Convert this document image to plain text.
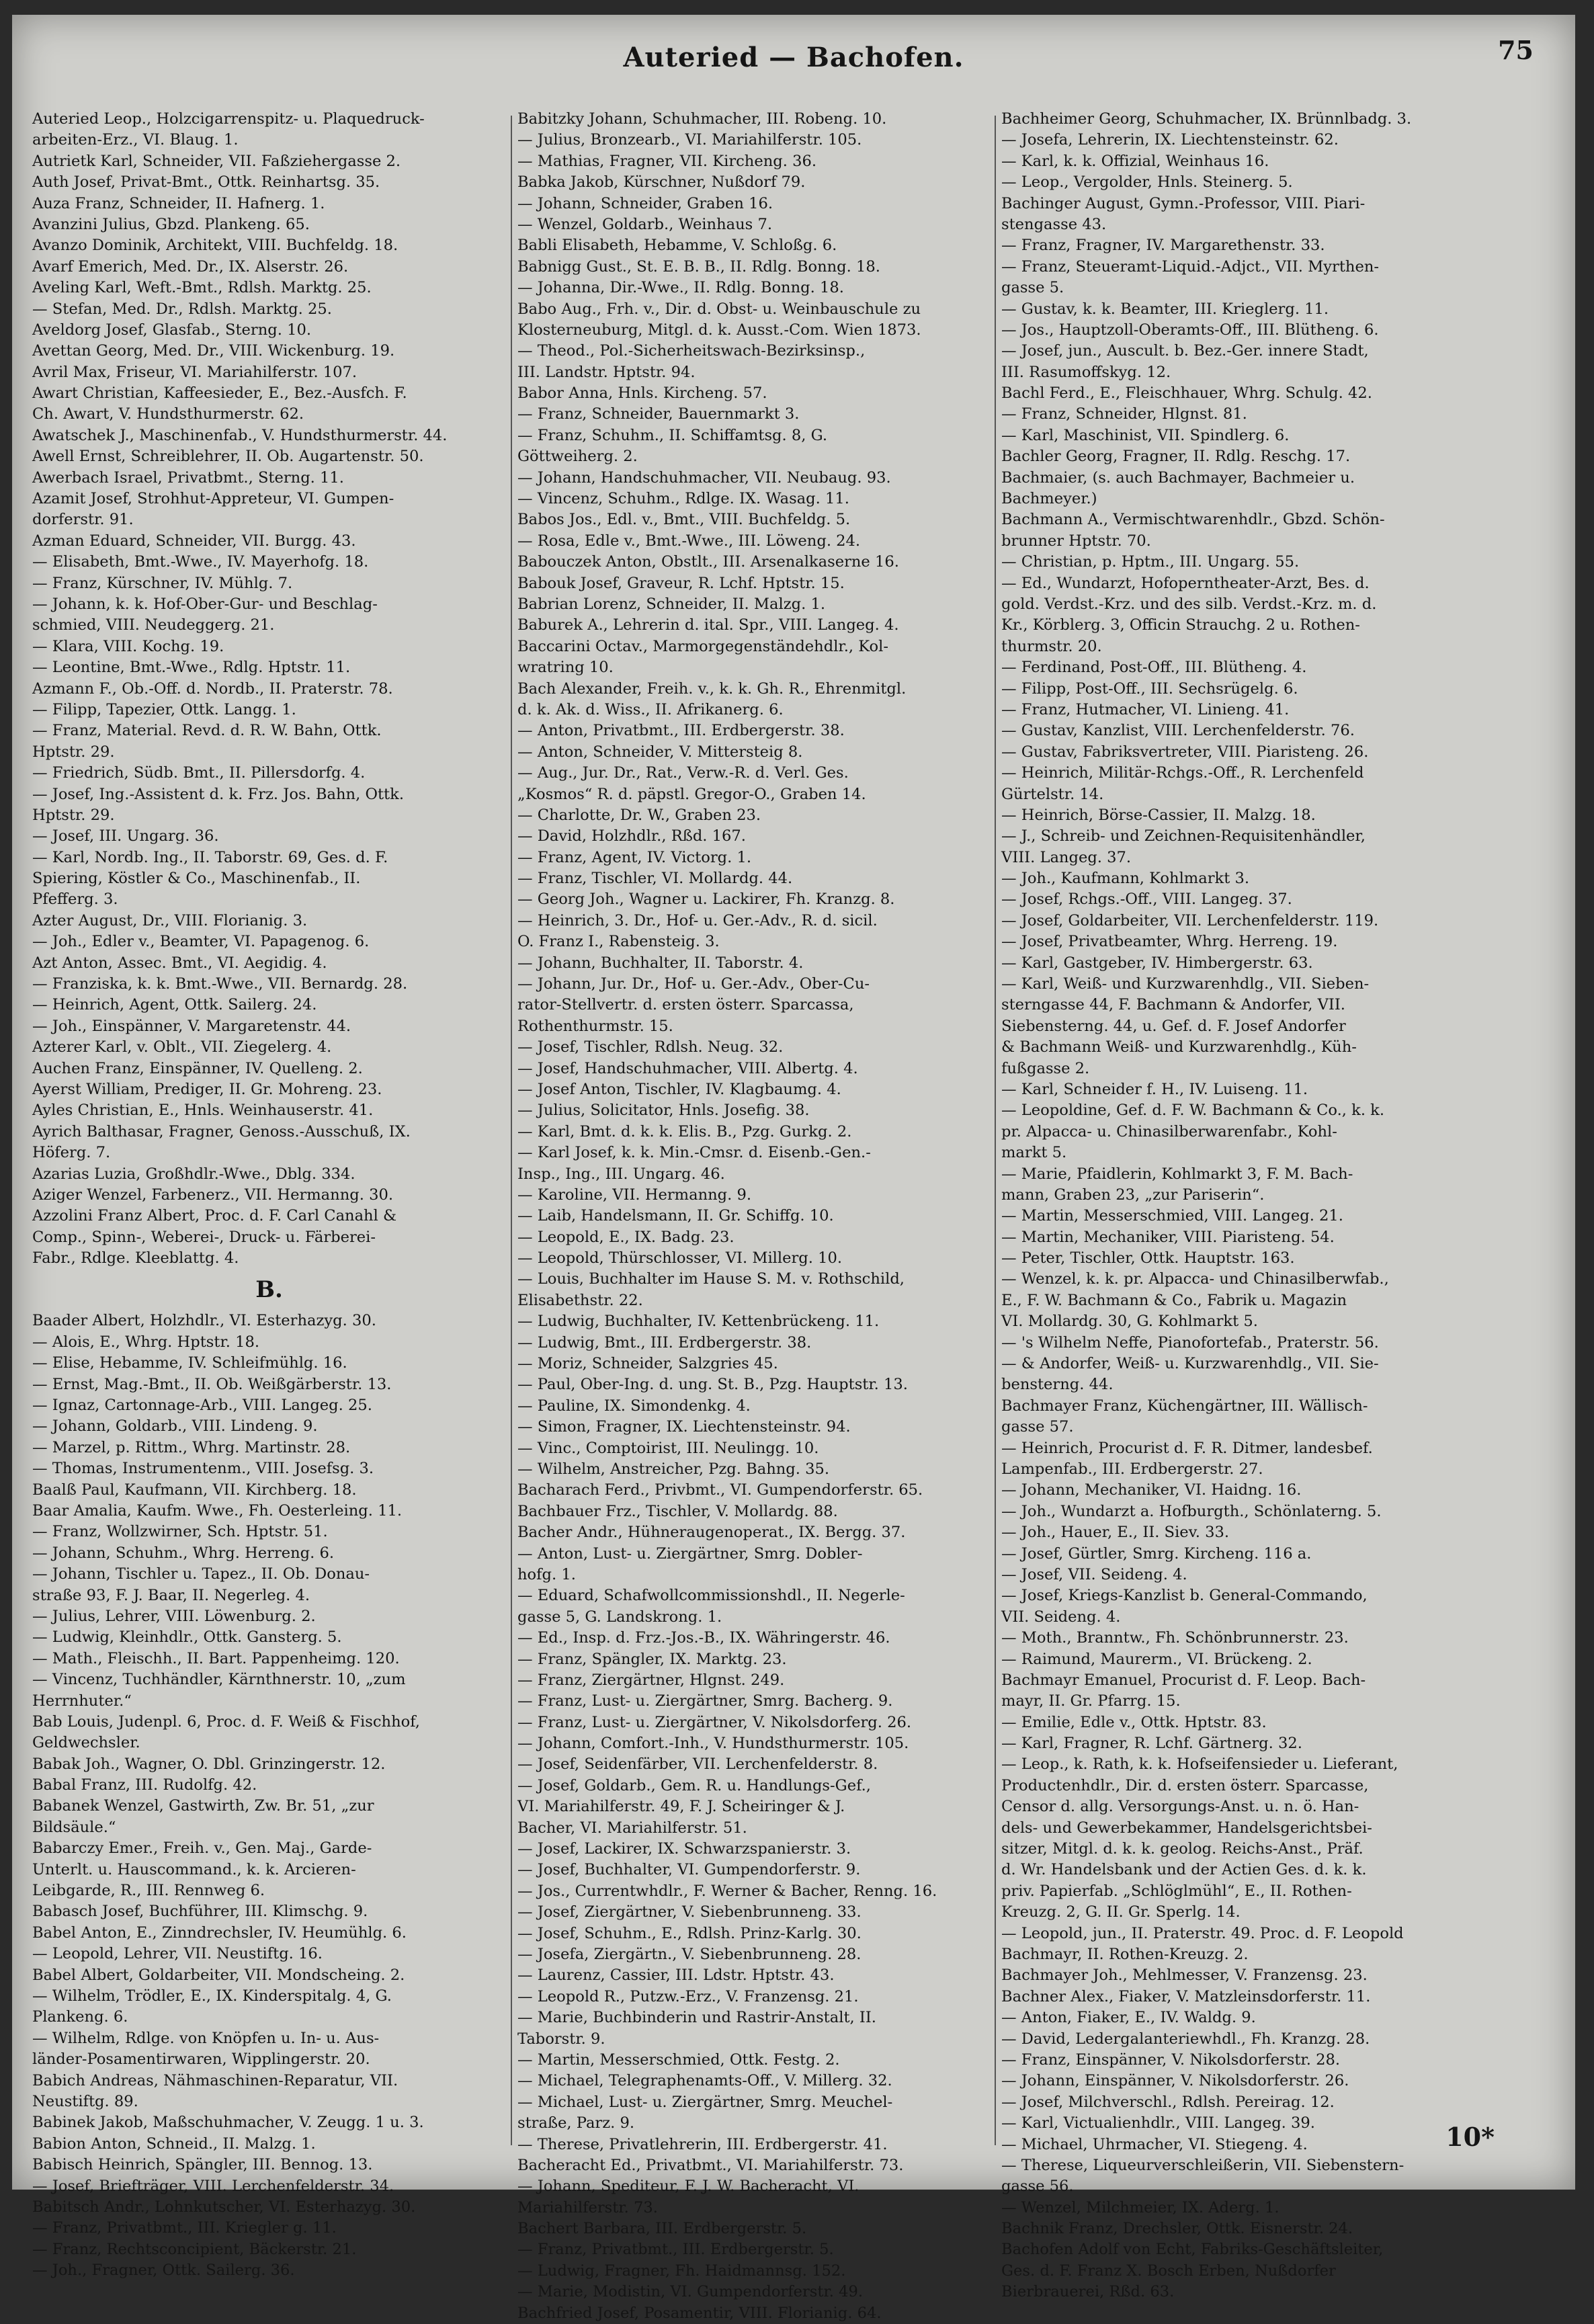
Auteried — Bachofen.	75
Auteried Leop., Holzcigarrenspitz- u. Plaquedruck-
arbeiten-Erz., VI. Blaug. 1.
Autrietk Karl, Schneider, VII. Faßziehergasse 2.
Auth Josef, Privat-Bmt., Ottk. Reinhartsg. 35.
Auza Franz, Schneider, II. Hafnerg. 1.
Avanzini Julius, Gbzd. Plankeng. 65.
Avanzo Dominik, Architekt, VIII. Buchfeldg. 18.
Avarf Emerich, Med. Dr., IX. Alserstr. 26.
Aveling Karl, Weft.-Bmt., Rdlsh. Marktg. 25.
— Stefan, Med. Dr., Rdlsh. Marktg. 25.
Aveldorg Josef, Glasfab., Sterng. 10.
Avettan Georg, Med. Dr., VIII. Wickenburg. 19.
Avril Max, Friseur, VI. Mariahilferstr. 107.
Awart Christian, Kaffeesieder, E., Bez.-Ausfch. F.
Ch. Awart, V. Hundsthurmerstr. 62.
Awatschek J., Maschinenfab., V. Hundsthurmerstr. 44.
Awell Ernst, Schreiblehrer, II. Ob. Augartenstr. 50.
Awerbach Israel, Privatbmt., Sterng. 11.
Azamit Josef, Strohhut-Appreteur, VI. Gumpen-
dorferstr. 91.
Azman Eduard, Schneider, VII. Burgg. 43.
— Elisabeth, Bmt.-Wwe., IV. Mayerhofg. 18.
— Franz, Kürschner, IV. Mühlg. 7.
— Johann, k. k. Hof-Ober-Gur- und Beschlag-
schmied, VIII. Neudeggerg. 21.
— Klara, VIII. Kochg. 19.
— Leontine, Bmt.-Wwe., Rdlg. Hptstr. 11.
Azmann F., Ob.-Off. d. Nordb., II. Praterstr. 78.
— Filipp, Tapezier, Ottk. Langg. 1.
— Franz, Material. Revd. d. R. W. Bahn, Ottk.
Hptstr. 29.
— Friedrich, Südb. Bmt., II. Pillersdorfg. 4.
— Josef, Ing.-Assistent d. k. Frz. Jos. Bahn, Ottk.
Hptstr. 29.
— Josef, III. Ungarg. 36.
— Karl, Nordb. Ing., II. Taborstr. 69, Ges. d. F.
Spiering, Köstler & Co., Maschinenfab., II.
Pfefferg. 3.
Azter August, Dr., VIII. Florianig. 3.
— Joh., Edler v., Beamter, VI. Papagenog. 6.
Azt Anton, Assec. Bmt., VI. Aegidig. 4.
— Franziska, k. k. Bmt.-Wwe., VII. Bernardg. 28.
— Heinrich, Agent, Ottk. Sailerg. 24.
— Joh., Einspänner, V. Margaretenstr. 44.
Azterer Karl, v. Oblt., VII. Ziegelerg. 4.
Auchen Franz, Einspänner, IV. Quelleng. 2.
Ayerst William, Prediger, II. Gr. Mohreng. 23.
Ayles Christian, E., Hnls. Weinhauserstr. 41.
Ayrich Balthasar, Fragner, Genoss.-Ausschuß, IX.
Höferg. 7.
Azarias Luzia, Großhdlr.-Wwe., Dblg. 334.
Aziger Wenzel, Farbenerz., VII. Hermanng. 30.
Azzolini Franz Albert, Proc. d. F. Carl Canahl &
Comp., Spinn-, Weberei-, Druck- u. Färberei-
Fabr., Rdlge. Kleeblattg. 4.
B.
Baader Albert, Holzhdlr., VI. Esterhazyg. 30.
— Alois, E., Whrg. Hptstr. 18.
— Elise, Hebamme, IV. Schleifmühlg. 16.
— Ernst, Mag.-Bmt., II. Ob. Weißgärberstr. 13.
— Ignaz, Cartonnage-Arb., VIII. Langeg. 25.
— Johann, Goldarb., VIII. Lindeng. 9.
— Marzel, p. Rittm., Whrg. Martinstr. 28.
— Thomas, Instrumentenm., VIII. Josefsg. 3.
Baalß Paul, Kaufmann, VII. Kirchberg. 18.
Baar Amalia, Kaufm. Wwe., Fh. Oesterleing. 11.
— Franz, Wollzwirner, Sch. Hptstr. 51.
— Johann, Schuhm., Whrg. Herreng. 6.
— Johann, Tischler u. Tapez., II. Ob. Donau-
straße 93, F. J. Baar, II. Negerleg. 4.
— Julius, Lehrer, VIII. Löwenburg. 2.
— Ludwig, Kleinhdlr., Ottk. Gansterg. 5.
— Math., Fleischh., II. Bart. Pappenheimg. 120.
— Vincenz, Tuchhändler, Kärnthnerstr. 10, „zum
Herrnhuter.“
Bab Louis, Judenpl. 6, Proc. d. F. Weiß & Fischhof,
Geldwechsler.
Babak Joh., Wagner, O. Dbl. Grinzingerstr. 12.
Babal Franz, III. Rudolfg. 42.
Babanek Wenzel, Gastwirth, Zw. Br. 51, „zur
Bildsäule.“
Babarczy Emer., Freih. v., Gen. Maj., Garde-
Unterlt. u. Hauscommand., k. k. Arcieren-
Leibgarde, R., III. Rennweg 6.
Babasch Josef, Buchführer, III. Klimschg. 9.
Babel Anton, E., Zinndrechsler, IV. Heumühlg. 6.
— Leopold, Lehrer, VII. Neustiftg. 16.
Babel Albert, Goldarbeiter, VII. Mondscheing. 2.
— Wilhelm, Trödler, E., IX. Kinderspitalg. 4, G.
Plankeng. 6.
— Wilhelm, Rdlge. von Knöpfen u. In- u. Aus-
länder-Posamentirwaren, Wipplingerstr. 20.
Babich Andreas, Nähmaschinen-Reparatur, VII.
Neustiftg. 89.
Babinek Jakob, Maßschuhmacher, V. Zeugg. 1 u. 3.
Babion Anton, Schneid., II. Malzg. 1.
Babisch Heinrich, Spängler, III. Bennog. 13.
— Josef, Briefträger, VIII. Lerchenfelderstr. 34.
Babitsch Andr., Lohnkutscher, VI. Esterhazyg. 30.
— Franz, Privatbmt., III. Kriegler g. 11.
— Franz, Rechtsconcipient, Bäckerstr. 21.
— Joh., Fragner, Ottk. Sailerg. 36.
Babitzky Johann, Schuhmacher, III. Robeng. 10.
— Julius, Bronzearb., VI. Mariahilferstr. 105.
— Mathias, Fragner, VII. Kircheng. 36.
Babka Jakob, Kürschner, Nußdorf 79.
— Johann, Schneider, Graben 16.
— Wenzel, Goldarb., Weinhaus 7.
Babli Elisabeth, Hebamme, V. Schloßg. 6.
Babnigg Gust., St. E. B. B., II. Rdlg. Bonng. 18.
— Johanna, Dir.-Wwe., II. Rdlg. Bonng. 18.
Babo Aug., Frh. v., Dir. d. Obst- u. Weinbauschule zu
Klosterneuburg, Mitgl. d. k. Ausst.-Com. Wien 1873.
— Theod., Pol.-Sicherheitswach-Bezirksinsp.,
III. Landstr. Hptstr. 94.
Babor Anna, Hnls. Kircheng. 57.
— Franz, Schneider, Bauernmarkt 3.
— Franz, Schuhm., II. Schiffamtsg. 8, G.
Göttweiherg. 2.
— Johann, Handschuhmacher, VII. Neubaug. 93.
— Vincenz, Schuhm., Rdlge. IX. Wasag. 11.
Babos Jos., Edl. v., Bmt., VIII. Buchfeldg. 5.
— Rosa, Edle v., Bmt.-Wwe., III. Löweng. 24.
Babouczek Anton, Obstlt., III. Arsenalkaserne 16.
Babouk Josef, Graveur, R. Lchf. Hptstr. 15.
Babrian Lorenz, Schneider, II. Malzg. 1.
Baburek A., Lehrerin d. ital. Spr., VIII. Langeg. 4.
Baccarini Octav., Marmorgegenständehdlr., Kol-
wratring 10.
Bach Alexander, Freih. v., k. k. Gh. R., Ehrenmitgl.
d. k. Ak. d. Wiss., II. Afrikanerg. 6.
— Anton, Privatbmt., III. Erdbergerstr. 38.
— Anton, Schneider, V. Mittersteig 8.
— Aug., Jur. Dr., Rat., Verw.-R. d. Verl. Ges.
„Kosmos“ R. d. päpstl. Gregor-O., Graben 14.
— Charlotte, Dr. W., Graben 23.
— David, Holzhdlr., Rßd. 167.
— Franz, Agent, IV. Victorg. 1.
— Franz, Tischler, VI. Mollardg. 44.
— Georg Joh., Wagner u. Lackirer, Fh. Kranzg. 8.
— Heinrich, 3. Dr., Hof- u. Ger.-Adv., R. d. sicil.
O. Franz I., Rabensteig. 3.
— Johann, Buchhalter, II. Taborstr. 4.
— Johann, Jur. Dr., Hof- u. Ger.-Adv., Ober-Cu-
rator-Stellvertr. d. ersten österr. Sparcassa,
Rothenthurmstr. 15.
— Josef, Tischler, Rdlsh. Neug. 32.
— Josef, Handschuhmacher, VIII. Albertg. 4.
— Josef Anton, Tischler, IV. Klagbaumg. 4.
— Julius, Solicitator, Hnls. Josefig. 38.
— Karl, Bmt. d. k. k. Elis. B., Pzg. Gurkg. 2.
— Karl Josef, k. k. Min.-Cmsr. d. Eisenb.-Gen.-
Insp., Ing., III. Ungarg. 46.
— Karoline, VII. Hermanng. 9.
— Laib, Handelsmann, II. Gr. Schiffg. 10.
— Leopold, E., IX. Badg. 23.
— Leopold, Thürschlosser, VI. Millerg. 10.
— Louis, Buchhalter im Hause S. M. v. Rothschild,
Elisabethstr. 22.
— Ludwig, Buchhalter, IV. Kettenbrückeng. 11.
— Ludwig, Bmt., III. Erdbergerstr. 38.
— Moriz, Schneider, Salzgries 45.
— Paul, Ober-Ing. d. ung. St. B., Pzg. Hauptstr. 13.
— Pauline, IX. Simondenkg. 4.
— Simon, Fragner, IX. Liechtensteinstr. 94.
— Vinc., Comptoirist, III. Neulingg. 10.
— Wilhelm, Anstreicher, Pzg. Bahng. 35.
Bacharach Ferd., Privbmt., VI. Gumpendorferstr. 65.
Bachbauer Frz., Tischler, V. Mollardg. 88.
Bacher Andr., Hühneraugenoperat., IX. Bergg. 37.
— Anton, Lust- u. Ziergärtner, Smrg. Dobler-
hofg. 1.
— Eduard, Schafwollcommissionshdl., II. Negerle-
gasse 5, G. Landskrong. 1.
— Ed., Insp. d. Frz.-Jos.-B., IX. Währingerstr. 46.
— Franz, Spängler, IX. Marktg. 23.
— Franz, Ziergärtner, Hlgnst. 249.
— Franz, Lust- u. Ziergärtner, Smrg. Bacherg. 9.
— Franz, Lust- u. Ziergärtner, V. Nikolsdorferg. 26.
— Johann, Comfort.-Inh., V. Hundsthurmerstr. 105.
— Josef, Seidenfärber, VII. Lerchenfelderstr. 8.
— Josef, Goldarb., Gem. R. u. Handlungs-Gef.,
VI. Mariahilferstr. 49, F. J. Scheiringer & J.
Bacher, VI. Mariahilferstr. 51.
— Josef, Lackirer, IX. Schwarzspanierstr. 3.
— Josef, Buchhalter, VI. Gumpendorferstr. 9.
— Jos., Currentwhdlr., F. Werner & Bacher, Renng. 16.
— Josef, Ziergärtner, V. Siebenbrunneng. 33.
— Josef, Schuhm., E., Rdlsh. Prinz-Karlg. 30.
— Josefa, Ziergärtn., V. Siebenbrunneng. 28.
— Laurenz, Cassier, III. Ldstr. Hptstr. 43.
— Leopold R., Putzw.-Erz., V. Franzensg. 21.
— Marie, Buchbinderin und Rastrir-Anstalt, II.
Taborstr. 9.
— Martin, Messerschmied, Ottk. Festg. 2.
— Michael, Telegraphenamts-Off., V. Millerg. 32.
— Michael, Lust- u. Ziergärtner, Smrg. Meuchel-
straße, Parz. 9.
— Therese, Privatlehrerin, III. Erdbergerstr. 41.
Bacheracht Ed., Privatbmt., VI. Mariahilferstr. 73.
— Johann, Spediteur, F. J. W. Bacheracht, VI.
Mariahilferstr. 73.
Bachert Barbara, III. Erdbergerstr. 5.
— Franz, Privatbmt., III. Erdbergerstr. 5.
— Ludwig, Fragner, Fh. Haidmannsg. 152.
— Marie, Modistin, VI. Gumpendorferstr. 49.
Bachfried Josef, Posamentir, VIII. Florianig. 64.
Bachheimer Georg, Schuhmacher, IX. Brünnlbadg. 3.
— Josefa, Lehrerin, IX. Liechtensteinstr. 62.
— Karl, k. k. Offizial, Weinhaus 16.
— Leop., Vergolder, Hnls. Steinerg. 5.
Bachinger August, Gymn.-Professor, VIII. Piari-
stengasse 43.
— Franz, Fragner, IV. Margarethenstr. 33.
— Franz, Steueramt-Liquid.-Adjct., VII. Myrthen-
gasse 5.
— Gustav, k. k. Beamter, III. Krieglerg. 11.
— Jos., Hauptzoll-Oberamts-Off., III. Blütheng. 6.
— Josef, jun., Auscult. b. Bez.-Ger. innere Stadt,
III. Rasumoffskyg. 12.
Bachl Ferd., E., Fleischhauer, Whrg. Schulg. 42.
— Franz, Schneider, Hlgnst. 81.
— Karl, Maschinist, VII. Spindlerg. 6.
Bachler Georg, Fragner, II. Rdlg. Reschg. 17.
Bachmaier, (s. auch Bachmayer, Bachmeier u.
Bachmeyer.)
Bachmann A., Vermischtwarenhdlr., Gbzd. Schön-
brunner Hptstr. 70.
— Christian, p. Hptm., III. Ungarg. 55.
— Ed., Wundarzt, Hofoperntheater-Arzt, Bes. d.
gold. Verdst.-Krz. und des silb. Verdst.-Krz. m. d.
Kr., Körblerg. 3, Officin Strauchg. 2 u. Rothen-
thurmstr. 20.
— Ferdinand, Post-Off., III. Blütheng. 4.
— Filipp, Post-Off., III. Sechsrügelg. 6.
— Franz, Hutmacher, VI. Linieng. 41.
— Gustav, Kanzlist, VIII. Lerchenfelderstr. 76.
— Gustav, Fabriksvertreter, VIII. Piaristeng. 26.
— Heinrich, Militär-Rchgs.-Off., R. Lerchenfeld
Gürtelstr. 14.
— Heinrich, Börse-Cassier, II. Malzg. 18.
— J., Schreib- und Zeichnen-Requisitenhändler,
VIII. Langeg. 37.
— Joh., Kaufmann, Kohlmarkt 3.
— Josef, Rchgs.-Off., VIII. Langeg. 37.
— Josef, Goldarbeiter, VII. Lerchenfelderstr. 119.
— Josef, Privatbeamter, Whrg. Herreng. 19.
— Karl, Gastgeber, IV. Himbergerstr. 63.
— Karl, Weiß- und Kurzwarenhdlg., VII. Sieben-
sterngasse 44, F. Bachmann & Andorfer, VII.
Siebensterng. 44, u. Gef. d. F. Josef Andorfer
& Bachmann Weiß- und Kurzwarenhdlg., Küh-
fußgasse 2.
— Karl, Schneider f. H., IV. Luiseng. 11.
— Leopoldine, Gef. d. F. W. Bachmann & Co., k. k.
pr. Alpacca- u. Chinasilberwarenfabr., Kohl-
markt 5.
— Marie, Pfaidlerin, Kohlmarkt 3, F. M. Bach-
mann, Graben 23, „zur Pariserin“.
— Martin, Messerschmied, VIII. Langeg. 21.
— Martin, Mechaniker, VIII. Piaristeng. 54.
— Peter, Tischler, Ottk. Hauptstr. 163.
— Wenzel, k. k. pr. Alpacca- und Chinasilberwfab.,
E., F. W. Bachmann & Co., Fabrik u. Magazin
VI. Mollardg. 30, G. Kohlmarkt 5.
— 's Wilhelm Neffe, Pianofortefab., Praterstr. 56.
— & Andorfer, Weiß- u. Kurzwarenhdlg., VII. Sie-
bensterng. 44.
Bachmayer Franz, Küchengärtner, III. Wällisch-
gasse 57.
— Heinrich, Procurist d. F. R. Ditmer, landesbef.
Lampenfab., III. Erdbergerstr. 27.
— Johann, Mechaniker, VI. Haidng. 16.
— Joh., Wundarzt a. Hofburgth., Schönlaterng. 5.
— Joh., Hauer, E., II. Siev. 33.
— Josef, Gürtler, Smrg. Kircheng. 116 a.
— Josef, VII. Seideng. 4.
— Josef, Kriegs-Kanzlist b. General-Commando,
VII. Seideng. 4.
— Moth., Branntw., Fh. Schönbrunnerstr. 23.
— Raimund, Maurerm., VI. Brückeng. 2.
Bachmayr Emanuel, Procurist d. F. Leop. Bach-
mayr, II. Gr. Pfarrg. 15.
— Emilie, Edle v., Ottk. Hptstr. 83.
— Karl, Fragner, R. Lchf. Gärtnerg. 32.
— Leop., k. Rath, k. k. Hofseifensieder u. Lieferant,
Productenhdlr., Dir. d. ersten österr. Sparcasse,
Censor d. allg. Versorgungs-Anst. u. n. ö. Han-
dels- und Gewerbekammer, Handelsgerichtsbei-
sitzer, Mitgl. d. k. k. geolog. Reichs-Anst., Präf.
d. Wr. Handelsbank und der Actien Ges. d. k. k.
priv. Papierfab. „Schlöglmühl“, E., II. Rothen-
Kreuzg. 2, G. II. Gr. Sperlg. 14.
— Leopold, jun., II. Praterstr. 49. Proc. d. F. Leopold
Bachmayr, II. Rothen-Kreuzg. 2.
Bachmayer Joh., Mehlmesser, V. Franzensg. 23.
Bachner Alex., Fiaker, V. Matzleinsdorferstr. 11.
— Anton, Fiaker, E., IV. Waldg. 9.
— David, Ledergalanteriewhdl., Fh. Kranzg. 28.
— Franz, Einspänner, V. Nikolsdorferstr. 28.
— Johann, Einspänner, V. Nikolsdorferstr. 26.
— Josef, Milchverschl., Rdlsh. Pereirag. 12.
— Karl, Victualienhdlr., VIII. Langeg. 39.
— Michael, Uhrmacher, VI. Stiegeng. 4.
— Therese, Liqueurverschleißerin, VII. Siebenstern-
gasse 56.
— Wenzel, Milchmeier, IX. Aderg. 1.
Bachnik Franz, Drechsler, Ottk. Eisnerstr. 24.
Bachofen Adolf von Echt, Fabriks-Geschäftsleiter,
Ges. d. F. Franz X. Bosch Erben, Nußdorfer
Bierbrauerei, Rßd. 63.
10*
